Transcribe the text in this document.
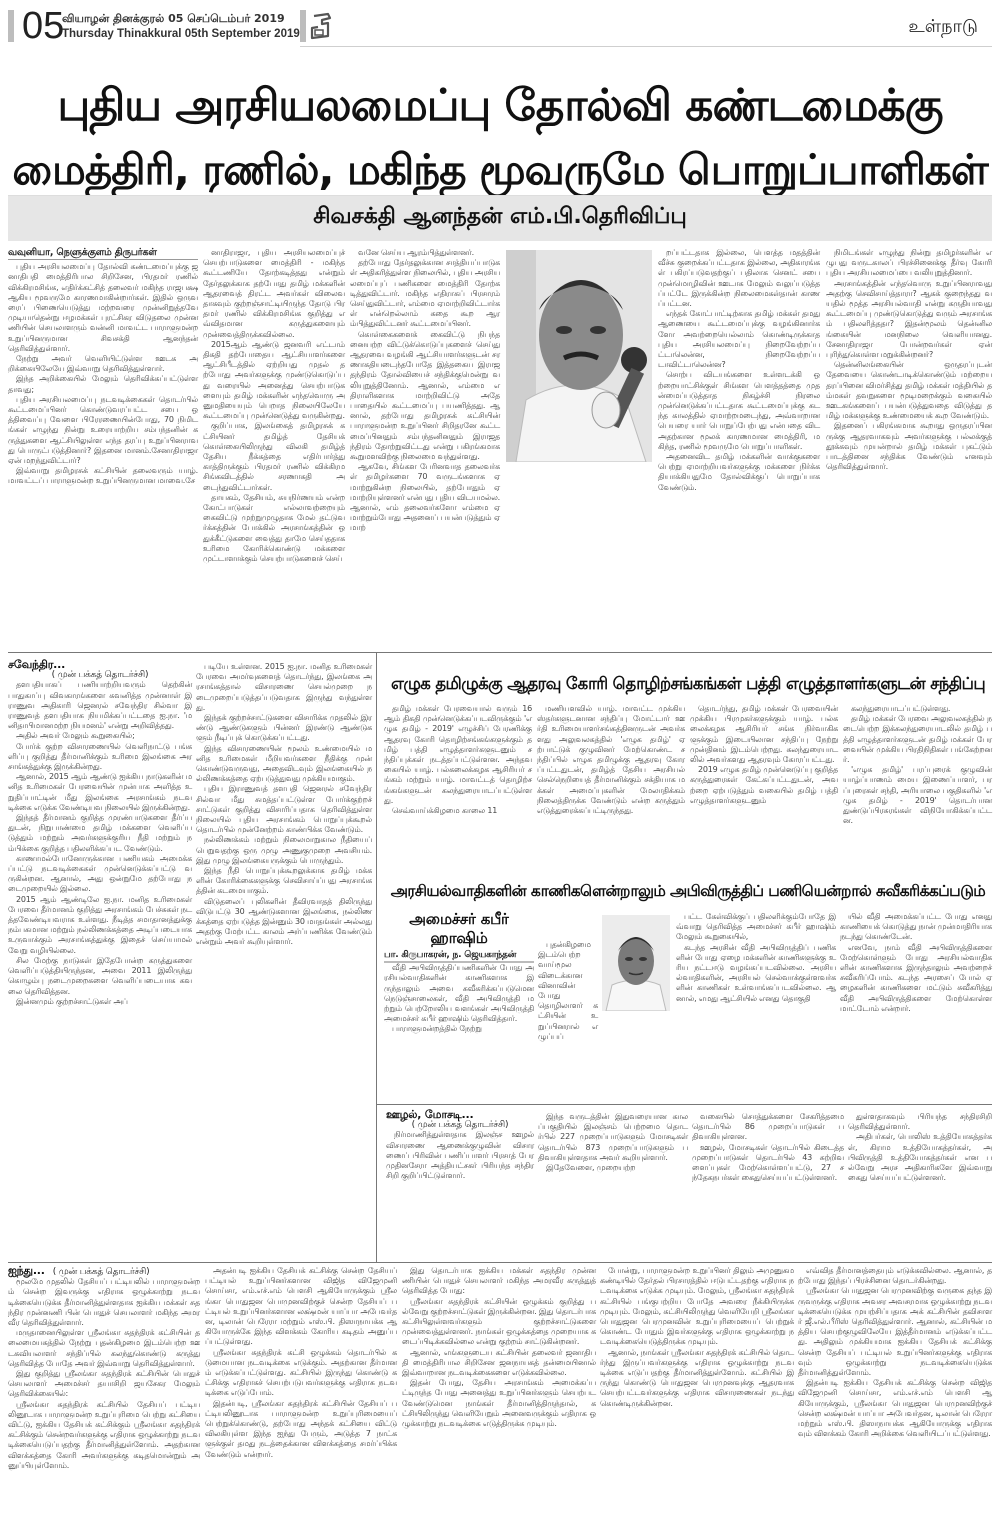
05
வியாழன் தினக்குரல் 05 செப்டெம்பர் 2019
Thursday Thinakkural 05th September 2019	உள்நாடு
புதிய அரசியலமைப்பு தோல்வி கண்டமைக்கு
மைத்திரி, ரணில், மகிந்த மூவருமே பொறுப்பாளிகள்
சிவசக்தி ஆனந்தன் எம்.பி.தெரிவிப்பு
வவுனியா, நெளுக்குளம் திருபர்கள்

புதிய அரசியலமைப்பு தோல்வி கண்டமைப்புக்கு ஜனாதிபதி மைத்திரிபால சிறிசேன, பிரதமர் ரணில் விக்கிரமசிங்க, எதிர்க்கட்சித் தலைவர் மகிந்த ராஜபக்ஷ ஆகிய மூவருமே காரணமாகின்றார்கள். இதில் ஒருவரைப் பிணையெடுத்து மற்றவரை முன்னிறுத்தவே முடியாதென்று ஈழமக்கள் புரட்சிகர விடுதலை முன்னணியின் செயலாளரும் வன்னி மாவட்ட பாராளுமன்ற உறுப்பினருமான சிவசக்தி ஆனந்தன் தெரிவித்துள்ளார்.

நேற்று அவர் வெளியிட்டுள்ள ஊடக அறிக்கையிலேயே இவ்வாறு தெரிவித்துள்ளார்.

இந்த அறிக்கையில் மேலும் தெரிவிக்கப்பட்டுள்ளதாவது;

புதிய அரசியலமைப்பு நடவடிக்கைகள் தொடர்பில் கூட்டமைப்பினர் கொண்டுவரப்பட்ட சபை ஒத்திவைப்பு வேளை பிரேரணையின்போது, 70 நிமிடங்கள் எழுந்து நின்று உரையாற்றிய சம்பந்தனின் கருத்துகளை ஆட்சியிலுள்ள எந்த தரப்பு உறுப்பினராவது பொருட்படுத்தினார்? இதனை மானம்.சேனாதிராஜா ஏன் மறந்துவிட்டார்?

இவ்வாறு தமிழரசுக் கட்சியின் தலைவரும் யாழ்.மாவட்டப் பாராளுமன்ற உறுப்பினருமான மாவை.சே

னாதிராஜா, புதிய அரசியலமைப்புச் செயற்பாடுகளை மைத்திரி - மகிந்த கூட்டணியே தோற்கடித்தது என்றும் தேர்தலுக்காக தற்போது தமிழ் மக்களின் ஆதரவைத் திரட்ட அவர்கள் விலைவதாகவும் குற்றஞ்சாட்டியிருந்த தோடு பிரதமர் ரணில் விக்கிரமசிங்க குறித்து எவ்விதமான கருத்துகளையும் முன்வைத்திருக்கவில்லை.

2015ஆம் ஆண்டு ஜனவரி எட்டாம் திகதி தற்போதைய ஆட்சியாளர்களை ஆட்சிபீடத்தில் ஏற்றியது முதல் தற்போது அவர்களுக்கு முண்டுகொடுப்பது வரையில் அனைத்து செயற்பாடுகளையும் தமிழ் மக்களின் எந்தவொரு அனுமதியையும் பெறாத நிலையிலேயே கூட்டமைப்பு முன்னெடுத்து வருகின்றது.

குறிப்பாக, இலங்கைத் தமிழரசுக் கட்சியினர் தமிழ்த் தேசியக் கொள்கையிலிருந்து விலகி தமிழ்த் தேசிய நீக்கத்தை எதிர்பார்த்து காத்திருக்கும் பிரதமர் ரணில் விக்கிரமசிங்கவிடத்தில் சரணாகதி அடைந்துவிட்டார்கள்.

தாயகம், தேசியம், சுயநிர்ணயம் என்ற கோட்பாடுகள் எல்லாவற்றையும் கைவிட்டு முற்றுமுழுதாக மேல் தட்டுவர்க்கத்தின் போக்கில் அரசாங்கத்தின் ஒதுக்கீட்டுகளை வைத்து தாமே செய்ததாக உரிமை கோரிக்கொண்டு மக்களை முட்டாளாக்கும் செயற்பாடுகளைச் செய்

வனே செய்ய ஆரம்பித்துள்ளனர்.

தற்போது தேர்தலுக்கான சாத்தியப்பாடுகள் அதிகரித்துள்ள நிலையில், புதிய அரசியலமைப்புப் பணிகளை மைத்திரி தோற்கடித்துவிட்டார். மகிந்த எதிராகப் பிரசாரம் செய்துவிட்டார், எம்மை ஏமாற்றிவிட்டார்கள் என்றெல்லாம் கதை கூற ஆரம்பித்துவிட்டனர் கூட்டமைப்பினர்.

கொள்கைகளைக் கைவிட்டு நிபந்தனையற்ற விட்டுக்கொடுப்புகளைச் செய்து ஆதரவை வழங்கி ஆட்சியாளர்களுடன் சரணாகதியடைந்தபோதே இத்தகைய இராஜதந்திரம் தோல்வியைச் சந்திக்குமென்று வலியுறுத்தினோம். ஆனால், எம்மை எதிராளிகளாக மாற்றிவிட்டு அதே பாதையில் கூட்டமைப்பு பயணித்தது. ஆனால், தற்போது தமிழரசுக் கட்சியின் பாராளுமன்ற உறுப்பினர் சிறிதரனே கூட்டமைப்பினதும் சம்பந்தனினதும் இராஜதந்திரம் தோற்றுவிட்டது என்று பகிரங்கமாக கூறுமளவிற்கு நிலைமை வந்துள்ளது.

ஆகவே, சிங்கள பேரினவாத தலைவர்கள் தமிழர்களை 70 வருடங்களாக ஏமாற்றுகின்ற நிலையில், தற்போதும் ஏமாற்றியுள்ளனர் என்பது புதிய விடயமல்ல. ஆனால், எம் தலைவர்களோ எம்மை ஏமாற்றும்போது அதனைப் பயன்படுத்தும் ஏமாற்

றப்பட்டதாக இல்லை, பௌத்த மதத்தின் வீச்சு குறைக்கப்பட்டதாக இல்லை, அதிகாரங்கள் பகிரப்படுவதற்குப் பதிலாக செனட் சபை முன்மொழிவின் ஊடாக மேலும் வலுப்படுத்தப்பட்டே இருக்கின்ற நிலைமைகள்தான் காணப்பட்டன.

எந்தக் கோட்பாட்டிற்காக தமிழ் மக்கள் தமது ஆணையை கூட்டமைப்புக்கு வழங்கினார்களோ அவற்றையெல்லாம் கொண்டிருக்காத புதிய அரசியலமைப்பு நிறைவேற்றப்பட்டாலென்ன, நிறைவேற்றப்படாவிட்டாலென்ன?

சொற்ப விடயங்களை உள்ளடக்கி ஒற்றையாட்சிக்குள் சிங்கள பௌத்தத்தை முதன்மைப்படுத்தாத நிகழ்ச்சி நிரலை முன்னெடுக்கப்பட்டதாக கூட்டமைப்புக்கு கடந்த காலத்தில் ஏமாற்றமடைந்து, அவ்வாறான பெயரை யார் பொறுப்பேற்பது என்பதை விட அதற்கான மூலக் காரணமான மைத்திரி, மகிந்த, ரணில் மூவருமே பொறுப்பாளிகள்.

அதனைவிட தமிழ் மக்களின் வாக்குகளை பெற்று ஏமாற்றியவர்களுக்கு மக்களை நிர்க்கதியாக்கியதுமே தோல்விக்குப் பொறுப்பாக வேண்டும்.

நிமிடங்கள் எழுந்து நின்று தமிழர்களின் எழுபது வருடகாலப் பிரச்சினைக்கு தீர்வு கோரி புதிய அரசியலமைப்பை வலியுறுத்தினார்.

அரசாங்கத்தின் எந்தவொரு உறுப்பினராவது அதற்கு செவிசாய்த்தாரா? ஆகக் குறைந்தது வயதில் மூத்த அரசியல்வாதி என்று கருதியாவது கூட்டமைப்பு முண்டுகொடுத்து வரும் அரசாங்கம் பதிலளித்ததா? இதன்மூலம் தென்னிலங்கையின் மனநிலை வெளியானது. சேனாதிராஜா போன்றவர்கள் ஏன் புரிந்துகொள்ள மறுக்கின்றனர்?

தென்னிலங்கையின் ஒருதரப்புடன் தேவையை கொண்டாடிக்கொண்டும் மற்றைய தரப்பினை விமர்சித்து தமிழ் மக்கள் மத்தியில் தம்மகள் தவறுகளை மூடிமறைக்கும் வகையில் ஊடகங்களைப் பயன்படுத்துவதை விடுத்து தமிழ் மக்களுக்கு உண்மையைக் கூற வேண்டும்.

இதனைப் பகிரங்கமாக கூறாது ஒருதரப்பினருக்கு ஆதரவாகவும் அவர்களுக்கு பல்லக்குத் தூக்கவும் முயன்றால் தமிழ் மக்கள் புகட்டும் பாடத்தினை சந்திக்க வேண்டும் எனவும் தெரிவித்துள்ளார்.

சவேந்திர...
( முன் பக்கத் தொடர்ச்சி)

தளபதியாகப் பணியாற்றியவரும் தெற்கின் பாதுகாப்பு விவகாரங்களை கவனித்த முன்னாள் இராணுவ அதிகாரி ஜெனரல் சவேந்திர சில்வா இராணுவத் தளபதியாக நியமிக்கப்பட்டதை ஐ.நா. 'மனிதாபிமானமற்ற நியமனம்' என்று அறிவித்தது.

அதில் அவர் மேலும் கூறுகையில்;

போர்க் குற்ற விசாரணையில் வெளிநாட்டு பங்களிப்பு குறித்து தீர்மானிக்கும் உரிமை இலங்கை அரசாங்கத்துக்கு இருக்கின்றது.

ஆனால், 2015 ஆம் ஆண்டு ஐக்கிய நாடுகளின் மனித உரிமைகள் பேரவையின் முன்பாக அளித்த உறுதிப்பாட்டின் மீது இலங்கை அரசாங்கம் நடவடிக்கை எடுக்க வேண்டியவ நிலையில் இருக்கின்றது.

இந்தத் தீர்மானம் குறித்த முரண்பாடுகளை தீர்ப்பதுடன், நிறுபாண்மை தமிழ் மக்களை வெளிப்படுத்தும் மற்றும் அவர்களுக்குரிய நீதி மற்றும் நம்பிக்கை குறித்த பதிலளிக்கப்பட வேண்டும்.

காணாமல்போனோருக்கான பணியகம் அமைக்கப்பட்டு நடவடிக்கைகள் முன்னெடுக்கப்பட்டு வருகின்றன. ஆனால், அது ஒன்றுமே தற்போது நடைமுறையில் இல்லை.

2015 ஆம் ஆண்டிலே ஐ.நா. மனித உரிமைகள் பேரவை தீர்மானம் குறித்து அரசாங்கம் பேச்சுகள் நடத்தவேண்டியவராக உள்ளது. நீடித்த சமாதானத்துக்கு நம்பகமான மற்றும் நல்லிணக்கத்தை அடிப்படையாக உருவாக்கும் அரசாங்கத்துக்கு இதைச் செய்யாமல் வேறு வழியில்லை.

சில மேற்கு நாடுகள் இதேபோன்ற கருத்துகளை வெளிப்படுத்தியிருந்தன, அவை 2011 இலிருந்து கொழும்பு நடைமுறைகளை வெளிப்படையாக கவலை தெரிவித்தன.

இன்னமும் குற்றச்சாட்டுகள் அப்

படியே உள்ளன. 2015 ஐ.நா. மனித உரிமைகள் பேரவை அமர்வுகளைத் தொடர்ந்து, இலங்கை அரசாங்கத்தால் விசாரணை செயல்முறை நடைமுறைப்படுத்தப்படுவதாக இருந்து வந்துள்ளது.

இந்தக் குற்றச்சாட்டுகளை விசாரிக்க முதலில் இரண்டு ஆண்டுகளும் பின்னர் இரண்டு ஆண்டுகளும் நீடிப்புக் கொடுக்கப்பட்டது.

இந்த விசாரணையின் மூலம் உண்மையில் மனித உரிமைகள் மீறியவர்களை நீதிக்கு முன் கொண்டுவருவது, அதைவிடவும் இலங்கையில் நல்லிணக்கத்தை ஏற்படுத்துவது முக்கியமாகும்.

புதிய இராணுவத் தளபதி ஜெனரல் சவேந்திர சில்வா மீது சுமத்தப்பட்டுள்ள போர்க்குற்றச் சாட்டுகள் குறித்து விசாரிப்பதாக தெரிவித்துள்ள நிலையில் புதிய அரசாங்கம் பொறுப்புக்கூறல் தொடர்பில் முன்னேற்றம் காண்பிக்க வேண்டும்.

நல்லிணக்கம் மற்றும் நிலைமாறுகால நீதியைப் பெறுவதற்கு ஒரு முழு அணுகுமுறை அவசியம். இது முழு இலங்கையருக்கும் பொருந்தும்.

இந்த நீதி பொறுப்புக்கூறலுக்காக தமிழ் மக்களின் கோரிக்கைகளுக்கு செவிசாய்ப்பது அரசாங்கத்தின் கடமையாகும்.

விடுதலைப் புலிகளின் தீவிரவாதத் திலிருந்து விடுபட்டு 30 ஆண்டுகளான இலங்கை, நல்லிணக்கத்தை ஏற்படுத்த இன்னும் 30 மாதங்கள் அல்லது அதற்கு மேற்பட்ட காலம் அர்ப்பணிக்க வேண்டும் என்றும் அவர் கூறியுள்ளார்.

எழுக தமிழுக்கு ஆதரவு கோரி தொழிற்சங்கங்கள் பத்தி எழுத்தாளர்களுடன் சந்திப்பு

தமிழ் மக்கள் பேரவையால் வரும் 16 ஆம் திகதி முன்னெடுக்கப்படவிருக்கும் 'எழுக தமிழ் - 2019' எழுச்சிப் பேரணிக்கு ஆதரவு கோரி தொழிற்சங்கங்களுக்கும் தமிழ் பத்தி எழுத்தாளர்களுடனும் சந்திப்புக்கள் நடத்தப்பட்டுள்ளன. அந்தவகையில் யாழ். பல்கலைக்கழக ஆசிரியர் சங்கம் மற்றும் யாழ். மாவட்டத் தொழிற்சங்கங்களுடன் கலந்துரையாடப்பட்டுள்ளது.

செவ்வாய்க்கிழமை காலை 11

மணியளவில் யாழ். மாவட்ட முக்கியஸ்தர்களுடனான சந்திப்பு மோட்டார் ஊர்தி உரிமையாளர்சங்கத்தினருடன் அவர்களது அலுவலகத்தில் 'எழுக தமிழ்' ஏற்பாட்டுக் குழுவினர் மேற்கொண்ட சந்திப்பில் எழுக தமிழுக்கு ஆதரவு கோரப்பட்டதுடன், தமிழ்த் தேசிய அரசியல் செல்நெறியைத் தீர்மானிக்கும் சக்தியாக மக்கள் அமைப்புகளின் மேலாதிக்கம் நிலைத்திருக்க வேண்டும் என்ற கருத்தும் எடுத்துரைக்கப்பட்டிருந்தது.

தொடர்ந்து, தமிழ் மக்கள் பேரவையின் முக்கிய பிரமுகர்களுக்கும் யாழ். பல்கலைக்கழக ஆசிரியர் சங்க நிர்வாகிகளுக்கும் இடையிலான சந்திப்பு நேற்று முன்தினம் இடம்பெற்றது. கலந்துரையாடலில் அவர்களது ஆதரவும் கோரப்பட்டது.

2019 எழுக தமிழ் முன்னெடுப்பு குறித்த கருத்துரைகள் கேட்கப்பட்டதுடன், அவற்றை ஏற்படுத்தும் வகையில் தமிழ் பத்தி எழுத்தாளர்களுடனும்

கலந்துரையாடப்பட்டுள்ளது.

தமிழ் மக்கள் பேரவை அலுவலகத்தில் நடைபெற்ற இக்கலந்துரையாடலில் தமிழ் பத்தி எழுத்தாளர்களுடன் தமிழ் மக்கள் பேரவையின் முக்கிய பிரதிநிதிகள் பங்கேற்றனர்.

'எழுக தமிழ்' பரப்புரைக் குழுவின் யாழ்ப்பாணம் மைய இணைப்பாளர், பரப்புரைகள் சந்தி, அரியாலை பகுதிகளில் 'எழுக தமிழ் - 2019' தொடர்பான துண்டுப்பிரசுரங்கள் விநியோகிக்கப்பட்டன.

அரசியல்வாதிகளின் காணிகளென்றாலும் அபிவிருத்திப் பணியென்றால் சுவீகரிக்கப்படும்
அமைச்சர் கபீர் ஹாஷிம்
பா. கிருபாகரன், ந. ஜெயகாந்தன்

வீதி அபிவிருத்திப்பணிகளின் போது அரசியல்வாதிகளின் காணிகளாக இருந்தாலும் அவை சுவீகரிக்கப்படுமென நெடுஞ்சாலைகள், வீதி அபிவிருத்தி மற்றும் பெற்றோலிய வளங்கள் அபிவிருத்தி அமைச்சர் கபீர் ஹாஷிம் தெரிவித்தார்.

பாராளுமன்றத்தில் நேற்று

புதன்கிழமை இடம்பெற்ற வாய்மூல விடைக்கான வினாவின் போது தொழிலாளர் கட்சியின் உறுப்பினரால் எழுப்பப்

பட்ட கேள்விக்குப் பதிலளிக்கும்போதே இவ்வாறு தெரிவித்த அமைச்சர் கபீர் ஹாஷிம் மேலும் கூறுகையில்,

கடந்த அரசின் வீதி அபிவிருத்திப் பணிகளின் போது ஏழை மக்களின் காணிகளுக்கு உரிய நட்டஈடு வழங்கப்படவில்லை. அரசியல்வாதிகளின், அரசியல் செல்வாக்குள்ளவர்களின் காணிகள் உள்வாங்கப்படவில்லை. ஆனால், எமது ஆட்சியில் எனது தொகுதி

யில் வீதி அமைக்கப்பட்ட போது எனது காணியைக் கொடுத்து நான் முன்மாதிரியாக நடந்து கொண்டேன்.

எனவே, நாம் வீதி அபிவிருத்திகளை மேற்கொள்ளும் போது அரசியல்வாதிகளின் காணிகளாக இருந்தாலும் அவற்றைச் சுவீகரிப்போம். கடந்த அரசைப் போல் ஏழைகளின் காணிகளை மட்டும் சுவீகரித்து வீதி அபிவிருத்திகளை மேற்கொள்ள மாட்டோம் என்றார்.

ஊழல், மோசடி...
( முன் பக்கத் தொடர்ச்சி)

நிர்மாணித்துள்ளதாக இலஞ்ச ஊழல் விசாரணை ஆணைக்குழுவின் விசாரணைப் பிரிவின் பணிப்பாளர் பிரசாத் பேரமுதினசேரா அத்தியட்சகர் பிரியந்த சந்திரசிறி குறிப்பிட்டுள்ளார்.

இந்த வருடத்தின் இதுவரையான காலப்பகுதியில் இலஞ்சம் பெற்றமை தொடர்பில் 227 முறைப்பாடுகளும் மோசடிகள் தொடர்பில் 873 முறைப்பாடுகளும் பதிவாகியுள்ளதாக அவர் கூறியுள்ளார்.

இதேவேளை, முறையற்ற

வகையில் சொத்துக்களை சேகரித்தமை தொடர்பில் 86 முறைப்பாடுகள் பதிவாகியுள்ளன.

ஊழல், மோசடிகள் தொடர்பில் கிடைத்த முறைப்பாடுகள் தொடர்பில் 43 சுற்றிவளைப்புகள் மேற்கொள்ளப்பட்டு, 27 சந்தேகநபர்கள் கைதுசெய்யப்பட்டுள்ளனர்.

துள்ளதாகவும் பிரியந்த சந்திரசிறி தெரிவித்துள்ளார்.

அதிபர்கள், பொலிஸ் உத்தியோகத்தர்கள், கிராம உத்தியோகத்தர்கள், அபிவிருத்தி உத்தியோகத்தர்கள் என பல்வேறு அரச அதிகாரிகளே இவ்வாறு கைது செய்யப்பட்டுள்ளனர்.

ஐந்து... ( முன் பக்கத் தொடர்ச்சி)

மூலமே முதலில் தேசியப் பட்டியலில் பாராளுமன்றம் சென்ற இவருக்கு எதிராக ஒழுக்காற்று நடவடிக்கையெடுக்க தீர்மானித்துள்ளதாக ஐக்கிய மக்கள் சுதந்திர முன்னணி பின் பொதுச் செயலாளர் மகிந்த அமரவீர தெரிவித்துள்ளார்.

மருதானையிலுள்ள ஸ்ரீலங்கா சுதந்திரக் கட்சியின் தலைமையகத்தில் நேற்று புதன்கிழமை இடம்பெற்ற ஊடகவியலாளர் சந்திப்பில் கலந்துகொண்டு கருத்து தெரிவித்த போதே அவர் இவ்வாறு தெரிவித்துள்ளார்.

இது குறித்து ஸ்ரீலங்கா சுதந்திரக் கட்சியின் பொதுச் செயலாளர் அமைச்சர் தயாசிறி ஜயசேகர மேலும் தெரிவிக்கையில்:

ஸ்ரீலங்கா சுதந்திரக் கட்சியில் தேசியப் பட்டியலினூடாக பாராளுமன்ற உறுப்புரிமை பெற்று கட்சியை விட்டு, ஐக்கிய தேசியக் கட்சிக்கும் ஸ்ரீலங்கா சுதந்திரக் கட்சிக்கும் சென்றவர்களுக்கு எதிராக ஒழுக்காற்று நடவடிக்கையெடுப்பதற்கு தீர்மானித்துள்ளோம். அதற்கான விளக்கத்தை கோரி அவர்களுக்கு கடிதமொன்றும் அனுப்பியுள்ளோம்.

அதன்படி ஐக்கிய தேசியக் கட்சிக்கு சென்ற தேசியப் பட்டியல் உறுப்பினர்களான விஜித விஜேமுனி சொய்சா, எம்.எச்.எம் பௌசி ஆகியோருக்கும் ஸ்ரீலங்கா பொதுஜன பொமுனவிற்குச் சென்ற தேசியப் பட்டியல் உறுப்பினர்களான லக்ஷ்மன் யாப்பா அபேவர்தன, டிலான் பெரேரா மற்றும் எஸ்.பி. திஸாநாயக்க ஆகியோருக்கே இந்த விளக்கம் கோரிய கடிதம் அனுப்பப்பட்டுள்ளது.

ஸ்ரீலங்கா சுதந்திரக் கட்சி ஒழுக்கம் தொடர்பில் கடுமையான நடவடிக்கை எடுக்கும். அதற்கான தீர்மானம் எடுக்கப்பட்டுள்ளது. கட்சியில் இருந்து கொண்டு கட்சிக்கு எதிராகச் செயற்படுபவர்களுக்கு எதிராக நடவடிக்கை எடுப்போம்.

இதன்படி, ஸ்ரீலங்கா சுதந்திரக் கட்சியின் தேசியப் பட்டியலினூடாக பாராளுமன்ற உறுப்புரிமையைப் பெற்றுக்கொண்டு, தற்போது அந்தக் கட்சியை விட்டு விலகியுள்ள இந்த ஐந்து பேரும், அடுத்த 7 நாட்களுக்குள் தமது நடத்தைக்கான விளக்கத்தை சமர்ப்பிக்க வேண்டும் என்றார்.

இது தொடர்பாக ஐக்கிய மக்கள் சுதந்திர முன்னணியின் பொதுச் செயலாளர் மகிந்த அமரவீர கருத்துத் தெரிவித்த போது:

ஸ்ரீலங்கா சுதந்திரக் கட்சியின் ஒழுக்கம் குறித்து பல்வேறு குற்றச்சாட்டுகள் இருக்கின்றன. இது தொடர்பாக கட்சியிலுள்ளவர்களும் குற்றச்சாட்டுகளை முன்வைத்துள்ளனர். நாங்கள் ஒழுக்கத்தை முறையாக கடைப்பிடிக்கவில்லை என்று குற்றம் சாட்டுகின்றனர்.

ஆனால், எங்களுடைய கட்சியின் தலைவர் ஜனாதிபதி மைத்திரிபால சிறிசேன ஜனநாயகத் தன்மையினால் இவ்வாறான நடவடிக்கைகளை எடுக்கவில்லை.

இதன் போது, தேசிய அரசாங்கம் அமைக்கப்பட்டிருந்த போது அனைத்து உறுப்பினர்களும் செயற்பட வேண்டுமென நாங்கள் தீர்மானித்திருந்தால், கட்சியிலிருந்து வெளியேறும் அனைவருக்கும் எதிராக ஒழுக்காற்று நடவடிக்கை எடுத்திருக்க முடியும்.

போன்று, பாராளுமன்ற உறுப்பினர் திலும் அமுனுகம கண்டியில் தேர்தல் பிரசாரத்தில் ஈடுபட்டதற்கு எதிராக நடவடிக்கை எடுக்க முடியும். மேலும், ஸ்ரீலங்கா சுதந்திரக் கட்சியில் பங்குபற்றிய போதே அவரை நீக்கியிருக்க முடியும். மேலும், கட்சியிலிருந்து வெளியேறி ஸ்ரீலங்கா பொதுஜன பெரமுனவின் உறுப்புரிமையைப் பெற்றுக் கொண்ட போதும் இவர்களுக்கு எதிராக ஒழுக்காற்று நடவடிக்கையெடுத்திருக்க முடியும்.

ஆனால், நாங்கள் ஸ்ரீலங்கா சுதந்திரக் கட்சியில் தொடர்ந்து இருப்பவர்களுக்கு எதிராக ஒழுக்காற்று நடவடிக்கை எடுப்பதற்கு தீர்மானித்துள்ளோம். கட்சியில் இருந்து கொண்டு பொதுஜன பெரமுனவுக்கு ஆதரவாக செயற்பட்டவர்களுக்கு எதிராக விசாரணைகள் நடந்து கொண்டிருக்கின்றன.

எவ்வித தீர்மானத்தையும் எடுக்கவில்லை. ஆனால், தற்போது இந்தப் பிரச்சினை தொடர்கின்றது.

ஸ்ரீலங்கா பொதுஜன பெரமுனவிற்கு வருகை தந்த இருவருக்கு எதிராக அவசர அவசரமாக ஒழுக்காற்று நடவடிக்கையெடுக்க முயற்சிப்பதாக அக் கட்சியின் தவிசாளர் ஜீ.எல்.பீரிஸ் தெரிவித்துள்ளார். ஆனால், கட்சியின் மத்திய செயற்குழுவிலேயே இத்தீர்மானம் எடுக்கப்பட்டது. அதிலும் முக்கியமாக ஐக்கிய தேசியக் கட்சிக்கு சென்ற தேசியப் பட்டியல் உறுப்பினர்களுக்கு எதிராகவும் ஒழுக்காற்று நடவடிக்கையெடுக்க தீர்மானித்துள்ளோம்.

இதன்படி ஐக்கிய தேசியக் கட்சிக்கு சென்ற விஜித விஜேமுனி சொய்சா, எம்.எச்.எம் பௌசி ஆகியோருக்கும், ஸ்ரீலங்கா பொதுஜன பெரமுனவிற்குச் சென்ற லக்ஷ்மன் யாப்பா அபேவர்தன, டிலான் பெரேரா மற்றும் எஸ்.பி. திஸாநாயக்க ஆகியோருக்கு எதிராகவும் விளக்கம் கோரி அறிக்கை வெளியிடப்பட்டுள்ளது.
